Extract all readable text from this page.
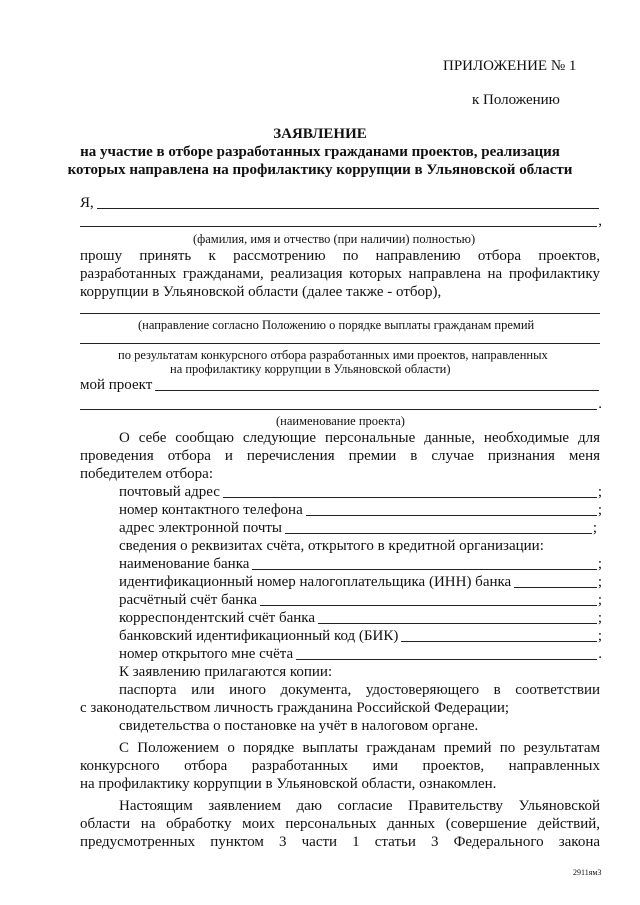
ПРИЛОЖЕНИЕ № 1
к Положению
ЗАЯВЛЕНИЕ
на участие в отборе разработанных гражданами проектов, реализация
которых направлена на профилактику коррупции в Ульяновской области
Я,
,
(фамилия, имя и отчество (при наличии) полностью)
прошу принять к рассмотрению по направлению отбора проектов,
разработанных гражданами, реализация которых направлена на профилактику
коррупции в Ульяновской области (далее также - отбор),
(направление согласно Положению о порядке выплаты гражданам премий
по результатам конкурсного отбора разработанных ими проектов, направленных
на профилактику коррупции в Ульяновской области)
мой проект
.
(наименование проекта)
О себе сообщаю следующие персональные данные, необходимые для
проведения отбора и перечисления премии в случае признания меня
победителем отбора:
почтовый адрес	;
номер контактного телефона	;
адрес электронной почты	;
сведения о реквизитах счёта, открытого в кредитной организации:
наименование банка	;
идентификационный номер налогоплательщика (ИНН) банка	;
расчётный счёт банка	;
корреспондентский счёт банка	;
банковский идентификационный код (БИК)	;
номер открытого мне счёта	.
К заявлению прилагаются копии:
паспорта или иного документа, удостоверяющего в соответствии
с законодательством личность гражданина Российской Федерации;
свидетельства о постановке на учёт в налоговом органе.
С Положением о порядке выплаты гражданам премий по результатам
конкурсного отбора разработанных ими проектов, направленных
на профилактику коррупции в Ульяновской области, ознакомлен.
Настоящим заявлением даю согласие Правительству Ульяновской
области на обработку моих персональных данных (совершение действий,
предусмотренных пунктом 3 части 1 статьи 3 Федерального закона
2911ям3
